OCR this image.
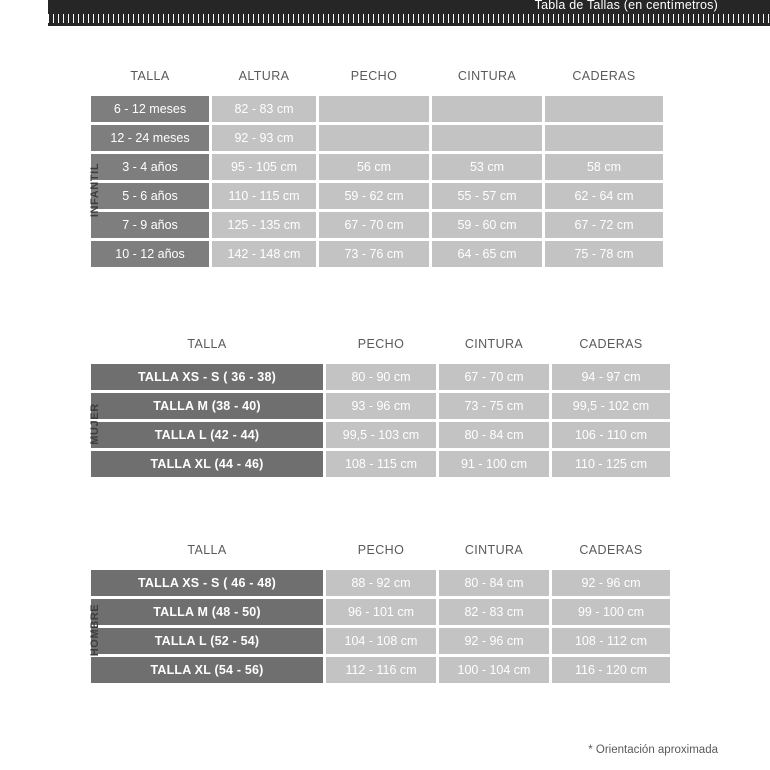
Tabla de Tallas (en centímetros)
INFANTIL
TALLA	ALTURA	PECHO	CINTURA	CADERAS
6 - 12 meses	82 - 83 cm			
12 - 24 meses	92 - 93 cm			
3 - 4 años	95 - 105 cm	56 cm	53 cm	58 cm
5 - 6 años	110 - 115 cm	59 - 62 cm	55 - 57 cm	62 - 64 cm
7 - 9 años	125 - 135 cm	67 - 70 cm	59 - 60 cm	67 - 72 cm
10 - 12 años	142 - 148 cm	73 - 76 cm	64 - 65 cm	75 - 78 cm
MUJER
TALLA	PECHO	CINTURA	CADERAS
TALLA XS - S ( 36 - 38)	80 - 90 cm	67 - 70 cm	94 - 97 cm
TALLA M (38 - 40)	93 - 96 cm	73 - 75 cm	99,5 - 102 cm
TALLA L (42 - 44)	99,5 - 103 cm	80 - 84 cm	106 - 110 cm
TALLA XL (44 - 46)	108 - 115 cm	91 - 100 cm	110 - 125 cm
HOMBRE
TALLA	PECHO	CINTURA	CADERAS
TALLA XS - S ( 46 - 48)	88 - 92 cm	80 - 84 cm	92 - 96 cm
TALLA M (48 - 50)	96 - 101 cm	82 - 83 cm	99 - 100 cm
TALLA L (52 - 54)	104 - 108 cm	92 - 96 cm	108 - 112 cm
TALLA XL (54 - 56)	112 - 116 cm	100 - 104 cm	116 - 120 cm
* Orientación aproximada
